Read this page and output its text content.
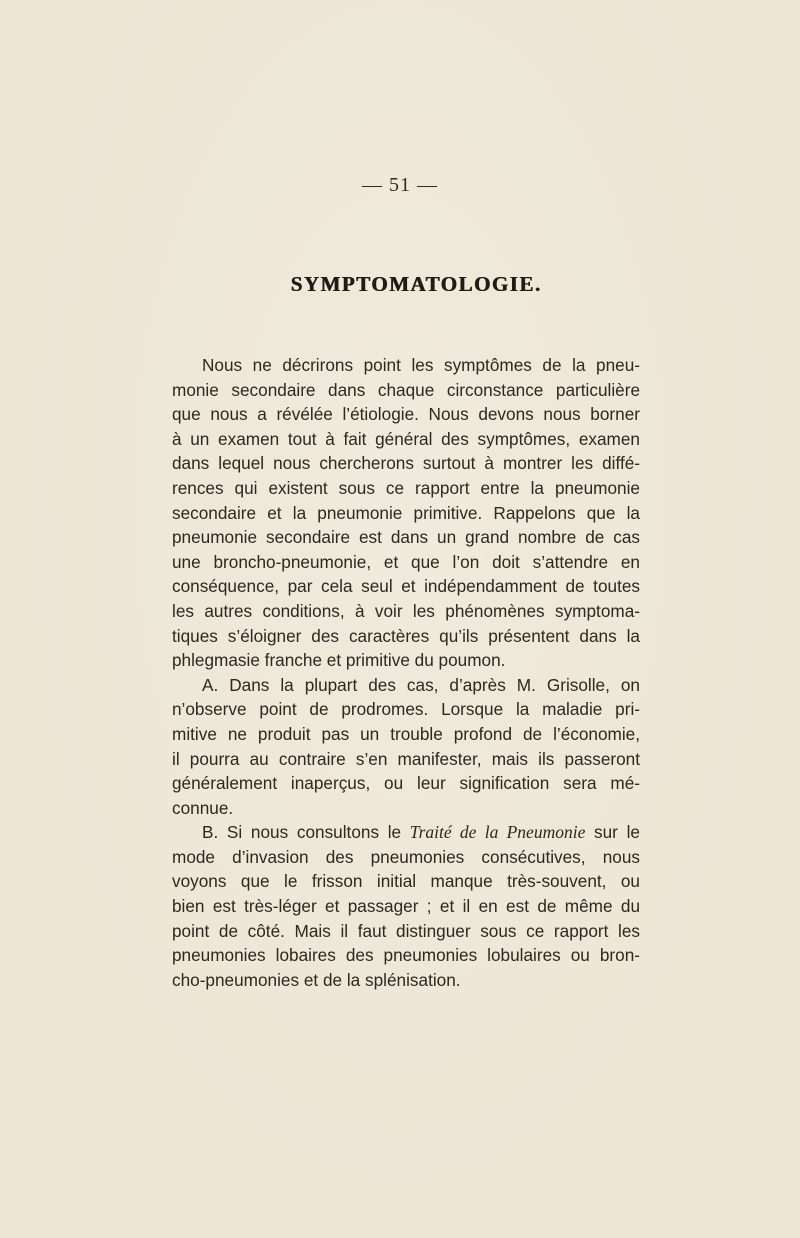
— 51 —
SYMPTOMATOLOGIE.
Nous ne décrirons point les symptômes de la pneu-
monie secondaire dans chaque circonstance particulière
que nous a révélée l’étiologie. Nous devons nous borner
à un examen tout à fait général des symptômes, examen
dans lequel nous chercherons surtout à montrer les diffé-
rences qui existent sous ce rapport entre la pneumonie
secondaire et la pneumonie primitive. Rappelons que la
pneumonie secondaire est dans un grand nombre de cas
une broncho-pneumonie, et que l’on doit s’attendre en
conséquence, par cela seul et indépendamment de toutes
les autres conditions, à voir les phénomènes symptoma-
tiques s’éloigner des caractères qu’ils présentent dans la
phlegmasie franche et primitive du poumon.
A. Dans la plupart des cas, d’après M. Grisolle, on
n’observe point de prodromes. Lorsque la maladie pri-
mitive ne produit pas un trouble profond de l’économie,
il pourra au contraire s’en manifester, mais ils passeront
généralement inaperçus, ou leur signification sera mé-
connue.
B. Si nous consultons le Traité de la Pneumonie sur le
mode d’invasion des pneumonies consécutives, nous
voyons que le frisson initial manque très-souvent, ou
bien est très-léger et passager ; et il en est de même du
point de côté. Mais il faut distinguer sous ce rapport les
pneumonies lobaires des pneumonies lobulaires ou bron-
cho-pneumonies et de la splénisation.
